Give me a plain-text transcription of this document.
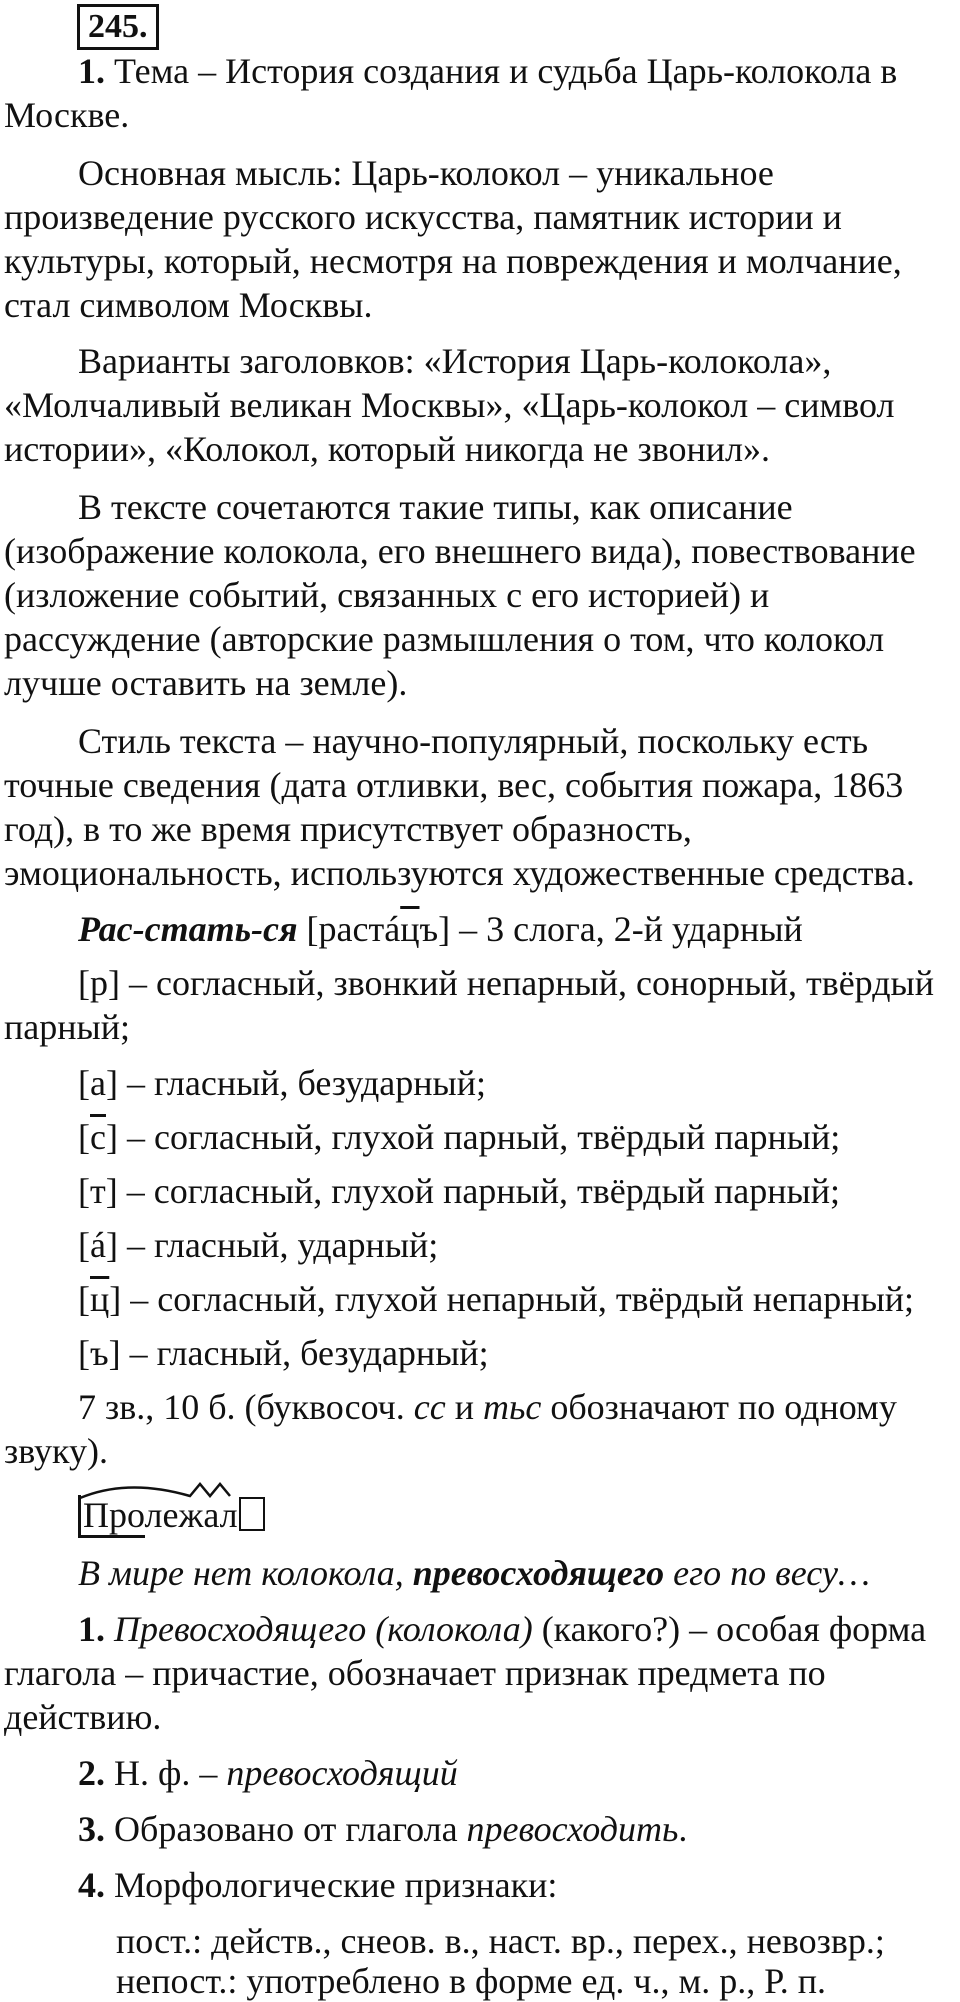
245.
1. Тема – История создания и судьба Царь-колокола в
Москве.
Основная мысль: Царь-колокол – уникальное
произведение русского искусства, памятник истории и
культуры, который, несмотря на повреждения и молчание,
стал символом Москвы.
Варианты заголовков: «История Царь-колокола»,
«Молчаливый великан Москвы», «Царь-колокол – символ
истории», «Колокол, который никогда не звонил».
В тексте сочетаются такие типы, как описание
(изображение колокола, его внешнего вида), повествование
(изложение событий, связанных с его историей) и
рассуждение (авторские размышления о том, что колокол
лучше оставить на земле).
Стиль текста – научно-популярный, поскольку есть
точные сведения (дата отливки, вес, события пожара, 1863
год), в то же время присутствует образность,
эмоциональность, используются художественные средства.
Рас-стать-ся [растáцъ] – 3 слога, 2-й ударный
[р] – согласный, звонкий непарный, сонорный, твёрдый
парный;
[а] – гласный, безударный;
[с] – согласный, глухой парный, твёрдый парный;
[т] – согласный, глухой парный, твёрдый парный;
[á] – гласный, ударный;
[ц] – согласный, глухой непарный, твёрдый непарный;
[ъ] – гласный, безударный;
7 зв., 10 б. (буквосоч. сс и тьс обозначают по одному
звуку).
Пролежал
В мире нет колокола, превосходящего его по весу…
1. Превосходящего (колокола) (какого?) – особая форма
глагола – причастие, обозначает признак предмета по
действию.
2. Н. ф. – превосходящий
3. Образовано от глагола превосходить.
4. Морфологические признаки:
пост.: действ., снеов. в., наст. вр., перех., невозвр.;
непост.: употреблено в форме ед. ч., м. р., Р. п.
